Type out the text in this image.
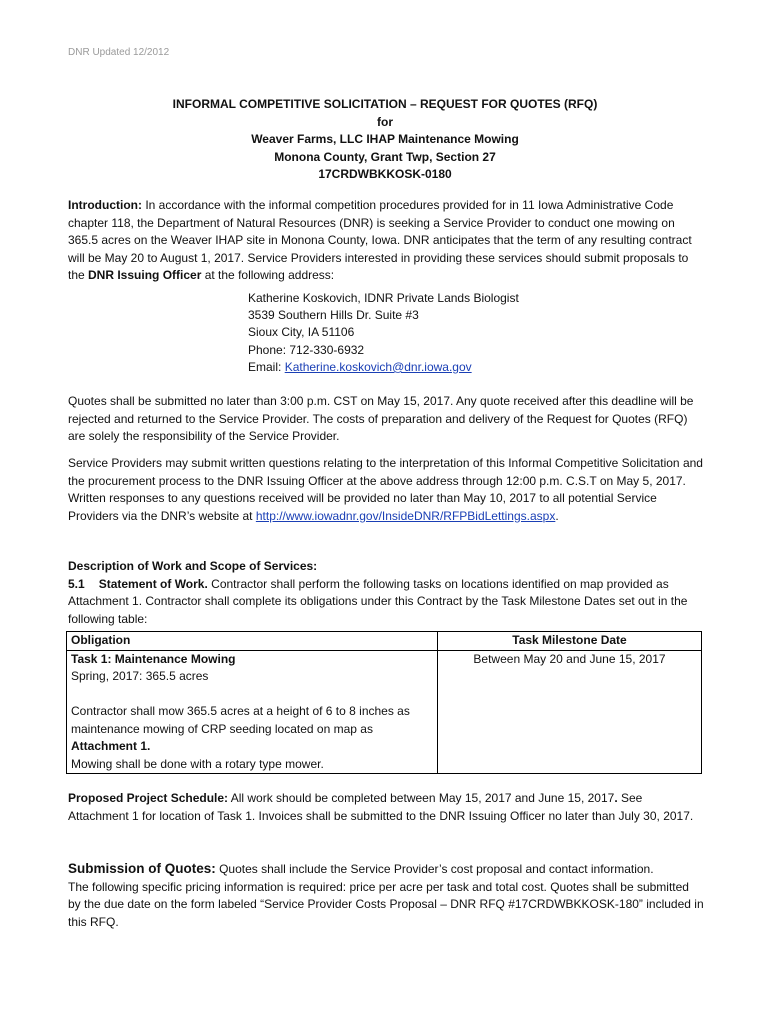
DNR Updated 12/2012
INFORMAL COMPETITIVE SOLICITATION – REQUEST FOR QUOTES (RFQ)
for
Weaver Farms, LLC IHAP Maintenance Mowing
Monona County, Grant Twp, Section 27
17CRDWBKKOSK-0180
Introduction: In accordance with the informal competition procedures provided for in 11 Iowa Administrative Code chapter 118, the Department of Natural Resources (DNR) is seeking a Service Provider to conduct one mowing on 365.5 acres on the Weaver IHAP site in Monona County, Iowa. DNR anticipates that the term of any resulting contract will be May 20 to August 1, 2017. Service Providers interested in providing these services should submit proposals to the DNR Issuing Officer at the following address:
Katherine Koskovich, IDNR Private Lands Biologist
3539 Southern Hills Dr. Suite #3
Sioux City, IA 51106
Phone: 712-330-6932
Email: Katherine.koskovich@dnr.iowa.gov
Quotes shall be submitted no later than 3:00 p.m. CST on May 15, 2017. Any quote received after this deadline will be rejected and returned to the Service Provider. The costs of preparation and delivery of the Request for Quotes (RFQ) are solely the responsibility of the Service Provider.
Service Providers may submit written questions relating to the interpretation of this Informal Competitive Solicitation and the procurement process to the DNR Issuing Officer at the above address through 12:00 p.m. C.S.T on May 5, 2017. Written responses to any questions received will be provided no later than May 10, 2017 to all potential Service Providers via the DNR’s website at http://www.iowadnr.gov/InsideDNR/RFPBidLettings.aspx.
Description of Work and Scope of Services:
5.1 Statement of Work. Contractor shall perform the following tasks on locations identified on map provided as Attachment 1. Contractor shall complete its obligations under this Contract by the Task Milestone Dates set out in the following table:
Obligation	Task Milestone Date

Task 1: Maintenance Mowing
Spring, 2017: 365.5 acres
Contractor shall mow 365.5 acres at a height of 6 to 8 inches as maintenance mowing of CRP seeding located on map as
Attachment 1.
Mowing shall be done with a rotary type mower.	Between May 20 and June 15, 2017
Proposed Project Schedule: All work should be completed between May 15, 2017 and June 15, 2017. See Attachment 1 for location of Task 1. Invoices shall be submitted to the DNR Issuing Officer no later than July 30, 2017.
Submission of Quotes: Quotes shall include the Service Provider’s cost proposal and contact information.
The following specific pricing information is required: price per acre per task and total cost. Quotes shall be submitted by the due date on the form labeled “Service Provider Costs Proposal – DNR RFQ #17CRDWBKKOSK-180” included in this RFQ.
